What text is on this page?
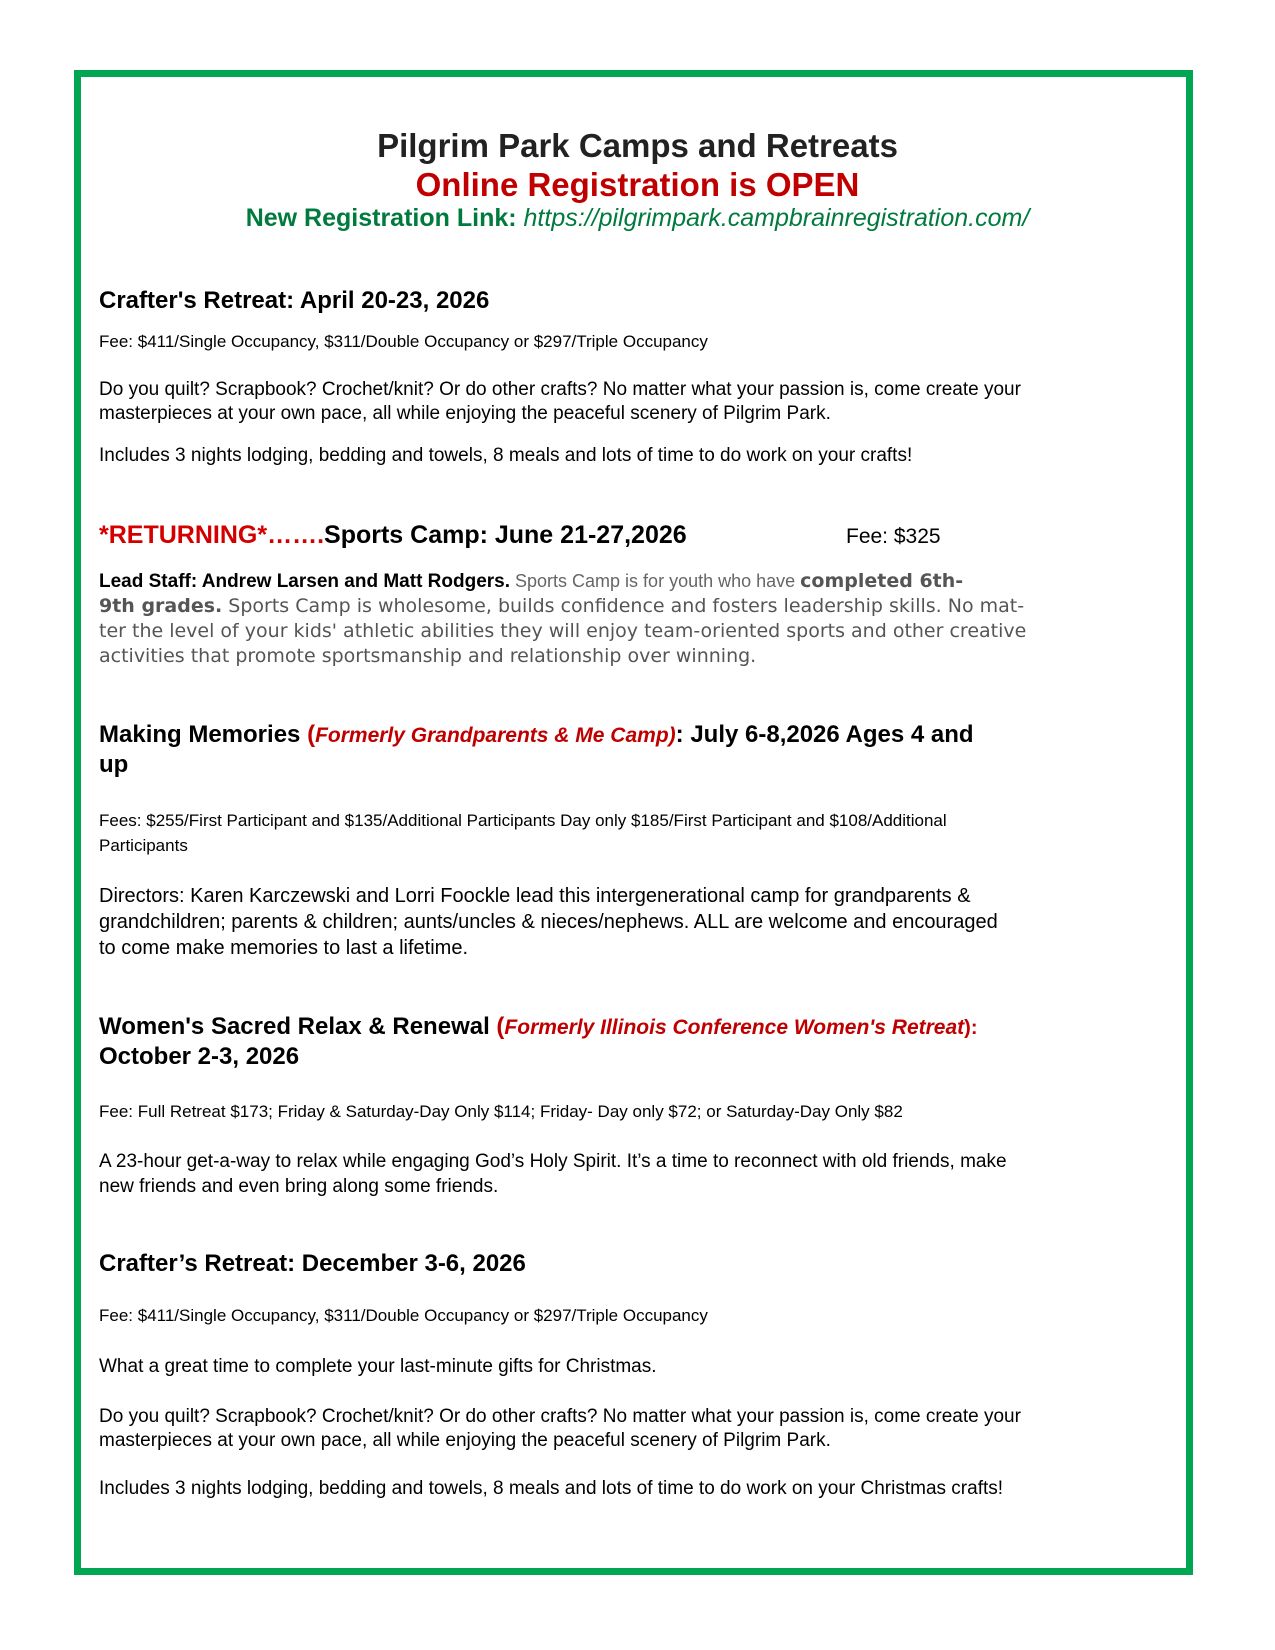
Pilgrim Park Camps and Retreats
Online Registration is OPEN
New Registration Link: https://pilgrimpark.campbrainregistration.com/
Crafter's Retreat: April 20-23, 2026
Fee: $411/Single Occupancy, $311/Double Occupancy or $297/Triple Occupancy
Do you quilt? Scrapbook? Crochet/knit? Or do other crafts? No matter what your passion is, come create your
masterpieces at your own pace, all while enjoying the peaceful scenery of Pilgrim Park.
Includes 3 nights lodging, bedding and towels, 8 meals and lots of time to do work on your crafts!
*RETURNING*…….Sports Camp: June 21-27,2026	Fee: $325
Lead Staff: Andrew Larsen and Matt Rodgers. Sports Camp is for youth who have completed 6th-
9th grades. Sports Camp is wholesome, builds confidence and fosters leadership skills. No mat-
ter the level of your kids' athletic abilities they will enjoy team-oriented sports and other creative
activities that promote sportsmanship and relationship over winning.
Making Memories (Formerly Grandparents & Me Camp): July 6-8,2026 Ages 4 and
up
Fees: $255/First Participant and $135/Additional Participants Day only $185/First Participant and $108/Additional
Participants
Directors: Karen Karczewski and Lorri Foockle lead this intergenerational camp for grandparents &
grandchildren; parents & children; aunts/uncles & nieces/nephews. ALL are welcome and encouraged
to come make memories to last a lifetime.
Women's Sacred Relax & Renewal (Formerly Illinois Conference Women's Retreat):
October 2-3, 2026
Fee: Full Retreat $173; Friday & Saturday-Day Only $114; Friday- Day only $72; or Saturday-Day Only $82
A 23-hour get-a-way to relax while engaging God’s Holy Spirit. It’s a time to reconnect with old friends, make
new friends and even bring along some friends.
Crafter’s Retreat: December 3-6, 2026
Fee: $411/Single Occupancy, $311/Double Occupancy or $297/Triple Occupancy
What a great time to complete your last-minute gifts for Christmas.
Do you quilt? Scrapbook? Crochet/knit? Or do other crafts? No matter what your passion is, come create your
masterpieces at your own pace, all while enjoying the peaceful scenery of Pilgrim Park.
Includes 3 nights lodging, bedding and towels, 8 meals and lots of time to do work on your Christmas crafts!
